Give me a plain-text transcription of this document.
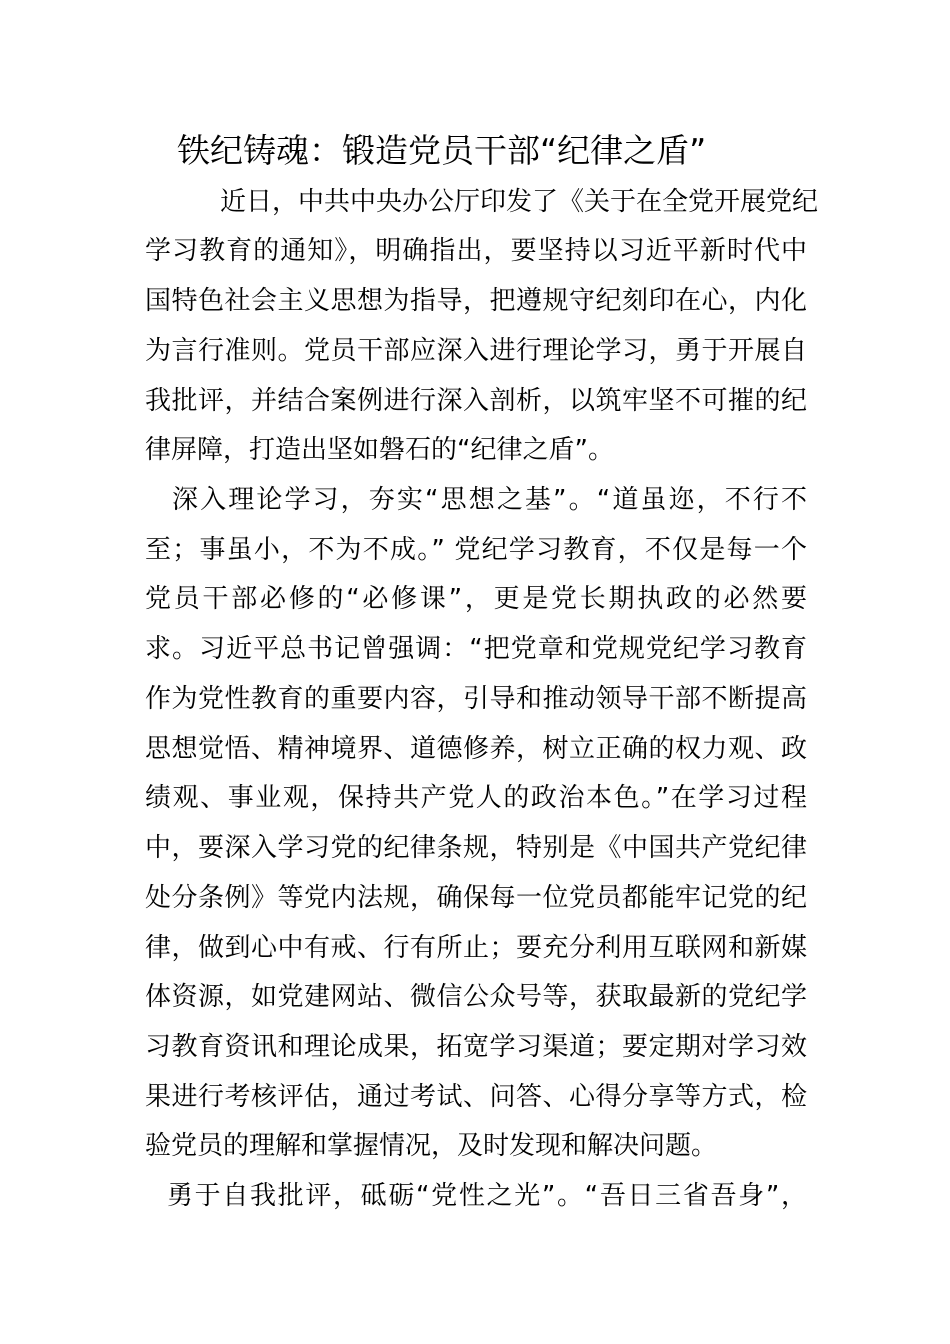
铁纪铸魂：锻造党员干部“纪律之盾”
近日，中共中央办公厅印发了《关于在全党开展党纪
学习教育的通知》，明确指出，要坚持以习近平新时代中
国特色社会主义思想为指导，把遵规守纪刻印在心，内化
为言行准则。党员干部应深入进行理论学习，勇于开展自
我批评，并结合案例进行深入剖析，以筑牢坚不可摧的纪
律屏障，打造出坚如磐石的“纪律之盾”。
深入理论学习，夯实“思想之基”。“道虽迩，不行不
至；事虽小，不为不成。” 党纪学习教育，不仅是每一个
党员干部必修的“必修课”，更是党长期执政的必然要
求。习近平总书记曾强调：“把党章和党规党纪学习教育
作为党性教育的重要内容，引导和推动领导干部不断提高
思想觉悟、精神境界、道德修养，树立正确的权力观、政
绩观、事业观，保持共产党人的政治本色。”在学习过程
中，要深入学习党的纪律条规，特别是《中国共产党纪律
处分条例》等党内法规，确保每一位党员都能牢记党的纪
律，做到心中有戒、行有所止；要充分利用互联网和新媒
体资源，如党建网站、微信公众号等，获取最新的党纪学
习教育资讯和理论成果，拓宽学习渠道；要定期对学习效
果进行考核评估，通过考试、问答、心得分享等方式，检
验党员的理解和掌握情况，及时发现和解决问题。
勇于自我批评，砥砺“党性之光”。“吾日三省吾身”，
